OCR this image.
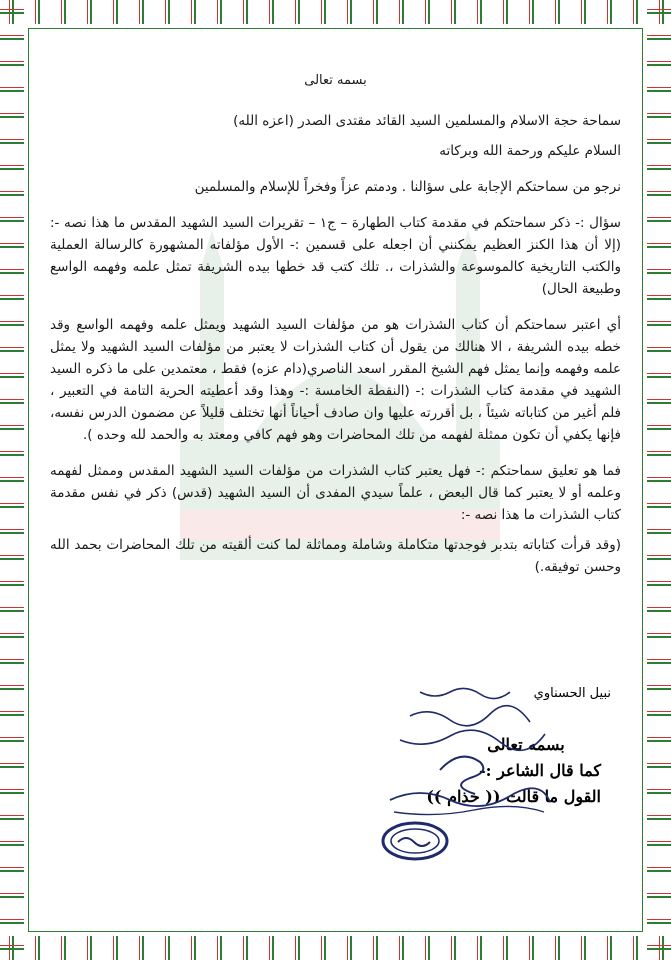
بسمه تعالى

سماحة حجة الاسلام والمسلمين السيد القائد مقتدى الصدر (اعزه الله)

السلام عليكم ورحمة الله وبركاته

نرجو من سماحتكم الإجابة على سؤالنا . ودمتم عزاً وفخراً للإسلام والمسلمين

سؤال :- ذكر سماحتكم في مقدمة كتاب الطهارة – ج١ – تقريرات السيد الشهيد المقدس ما هذا نصه -: (إلا أن هذا الكنز العظيم يمكنني أن اجعله على قسمين :- الأول مؤلفاته المشهورة كالرسالة العملية والكتب التاريخية كالموسوعة والشذرات ،. تلك كتب قد خطها بيده الشريفة تمثل علمه وفهمه الواسع وطبيعة الحال)

أي اعتبر سماحتكم أن كتاب الشذرات هو من مؤلفات السيد الشهيد ويمثل علمه وفهمه الواسع وقد خطه بيده الشريفة ، الا هنالك من يقول أن كتاب الشذرات لا يعتبر من مؤلفات السيد الشهيد ولا يمثل علمه وفهمه وإنما يمثل فهم الشيخ المقرر اسعد الناصري(دام عزه) فقط ، معتمدين على ما ذكره السيد الشهيد في مقدمة كتاب الشذرات :- (النقطة الخامسة :- وهذا وقد أعطيته الحرية التامة في التعبير ، فلم أغير من كتاباته شيئاً ، بل أقررته عليها وان صادف أحياناً أنها تختلف قليلاً عن مضمون الدرس نفسه، فإنها يكفي أن تكون ممثلة لفهمه من تلك المحاضرات وهو فهم كافي ومعتد به والحمد لله وحده ).

فما هو تعليق سماحتكم :- فهل يعتبر كتاب الشذرات من مؤلفات السيد الشهيد المقدس وممثل لفهمه وعلمه أو لا يعتبر كما قال البعض ، علماً سيدي المفدى أن السيد الشهيد (قدس) ذكر في نفس مقدمة كتاب الشذرات ما هذا نصه -:

(وقد قرأت كتاباته بتدبر فوجدتها متكاملة وشاملة ومماثلة لما كنت ألقيته من تلك المحاضرات بحمد الله وحسن توفيقه.)

نبيل الحسناوي
بسمه تعالى
كما قال الشاعر :-
القول ما قالت (( حذام ))
